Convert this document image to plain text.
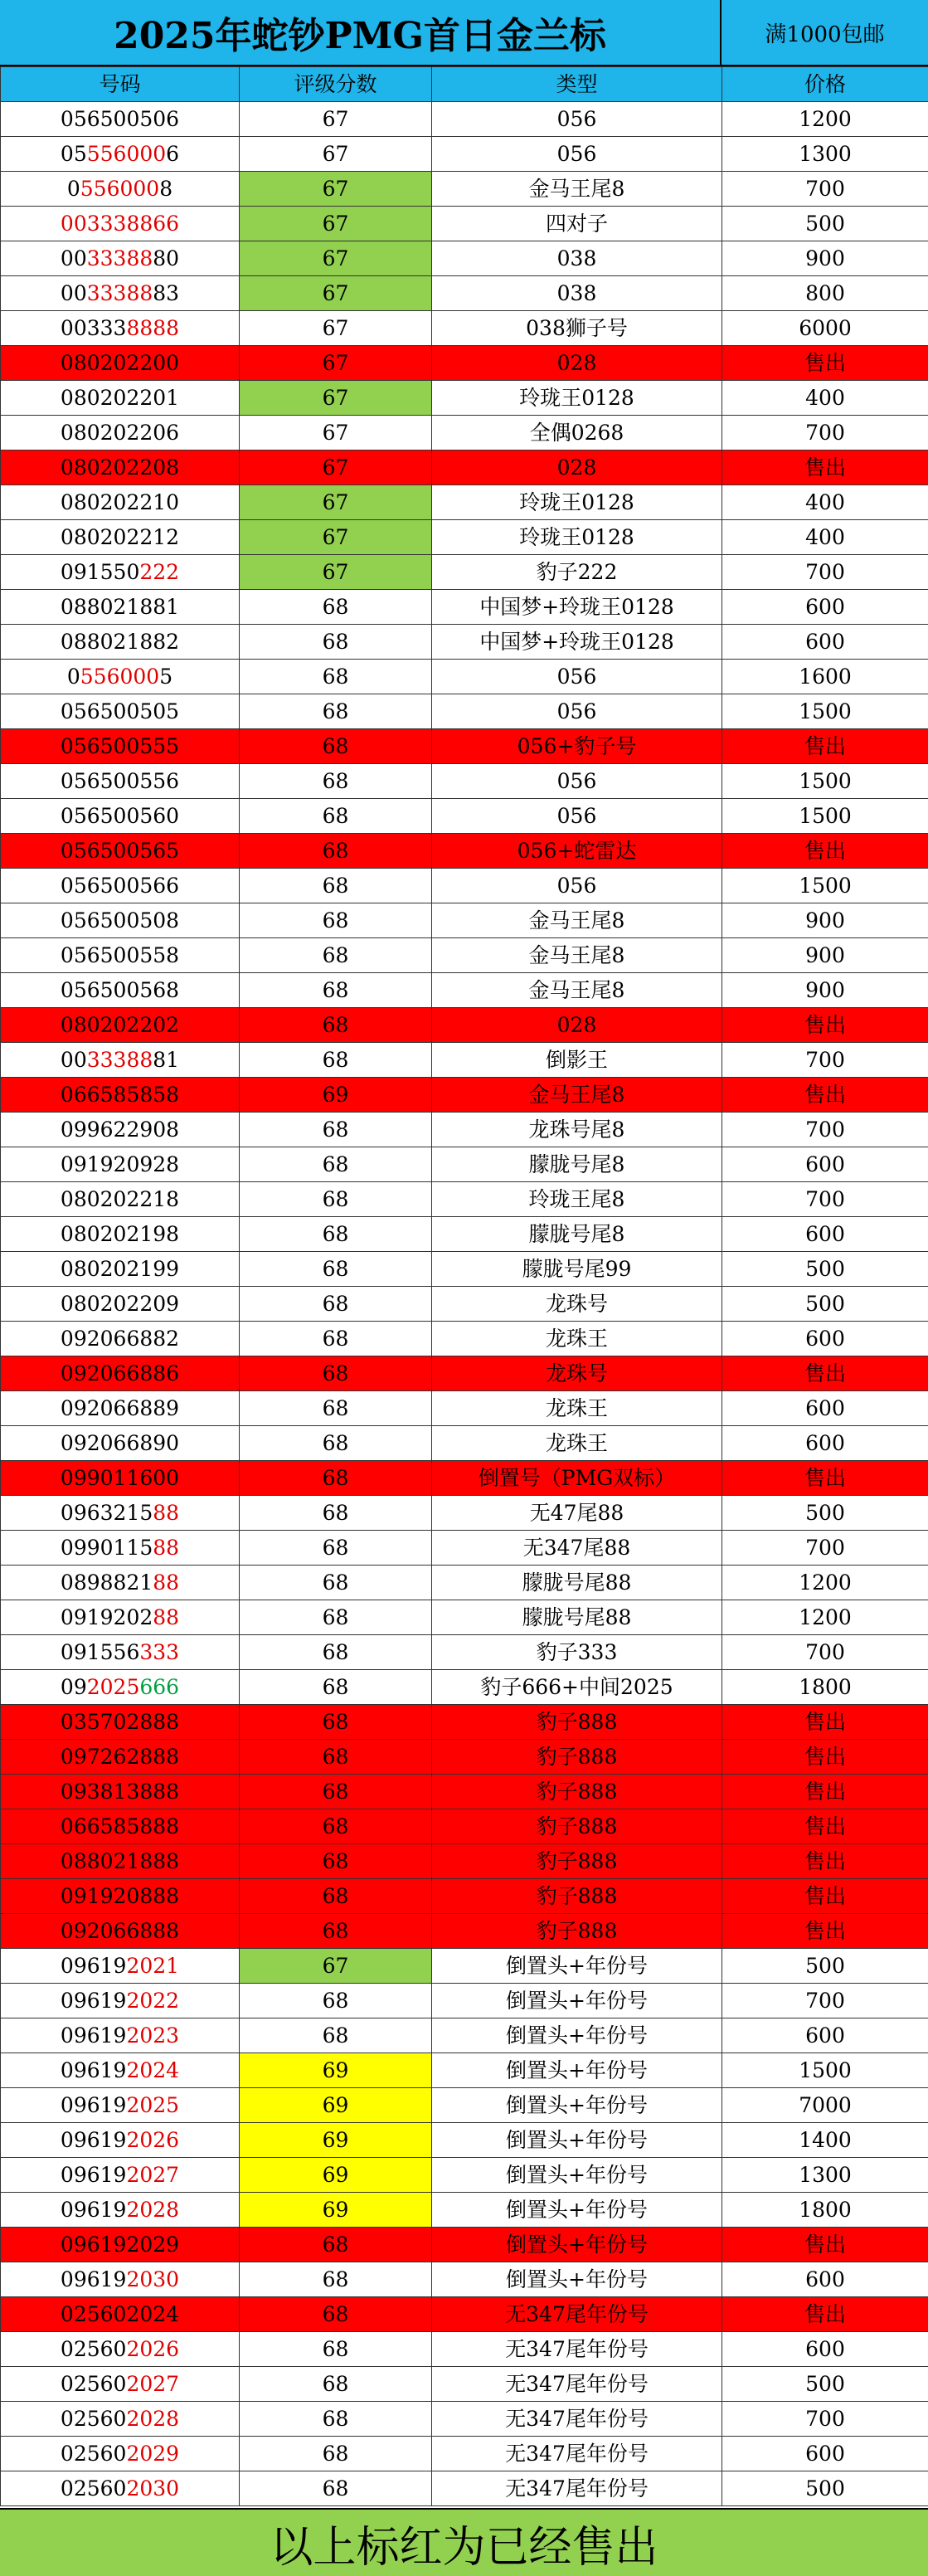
2025年蛇钞PMG首日金兰标	满1000包邮
号码	评级分数	类型	价格
056500506	67	056	1200
055560006	67	056	1300
05560008	67	金马王尾8	700
003338866	67	四对子	500
003338880	67	038	900
003338883	67	038	800
003338888	67	038狮子号	6000
080202200	67	028	售出
080202201	67	玲珑王0128	400
080202206	67	全偶0268	700
080202208	67	028	售出
080202210	67	玲珑王0128	400
080202212	67	玲珑王0128	400
091550222	67	豹子222	700
088021881	68	中国梦+玲珑王0128	600
088021882	68	中国梦+玲珑王0128	600
05560005	68	056	1600
056500505	68	056	1500
056500555	68	056+豹子号	售出
056500556	68	056	1500
056500560	68	056	1500
056500565	68	056+蛇雷达	售出
056500566	68	056	1500
056500508	68	金马王尾8	900
056500558	68	金马王尾8	900
056500568	68	金马王尾8	900
080202202	68	028	售出
003338881	68	倒影王	700
066585858	69	金马王尾8	售出
099622908	68	龙珠号尾8	700
091920928	68	朦胧号尾8	600
080202218	68	玲珑王尾8	700
080202198	68	朦胧号尾8	600
080202199	68	朦胧号尾99	500
080202209	68	龙珠号	500
092066882	68	龙珠王	600
092066886	68	龙珠号	售出
092066889	68	龙珠王	600
092066890	68	龙珠王	600
099011600	68	倒置号（PMG双标）	售出
096321588	68	无47尾88	500
099011588	68	无347尾88	700
089882188	68	朦胧号尾88	1200
091920288	68	朦胧号尾88	1200
091556333	68	豹子333	700
092025666	68	豹子666+中间2025	1800
035702888	68	豹子888	售出
097262888	68	豹子888	售出
093813888	68	豹子888	售出
066585888	68	豹子888	售出
088021888	68	豹子888	售出
091920888	68	豹子888	售出
092066888	68	豹子888	售出
096192021	67	倒置头+年份号	500
096192022	68	倒置头+年份号	700
096192023	68	倒置头+年份号	600
096192024	69	倒置头+年份号	1500
096192025	69	倒置头+年份号	7000
096192026	69	倒置头+年份号	1400
096192027	69	倒置头+年份号	1300
096192028	69	倒置头+年份号	1800
096192029	68	倒置头+年份号	售出
096192030	68	倒置头+年份号	600
025602024	68	无347尾年份号	售出
025602026	68	无347尾年份号	600
025602027	68	无347尾年份号	500
025602028	68	无347尾年份号	700
025602029	68	无347尾年份号	600
025602030	68	无347尾年份号	500
以上标红为已经售出
